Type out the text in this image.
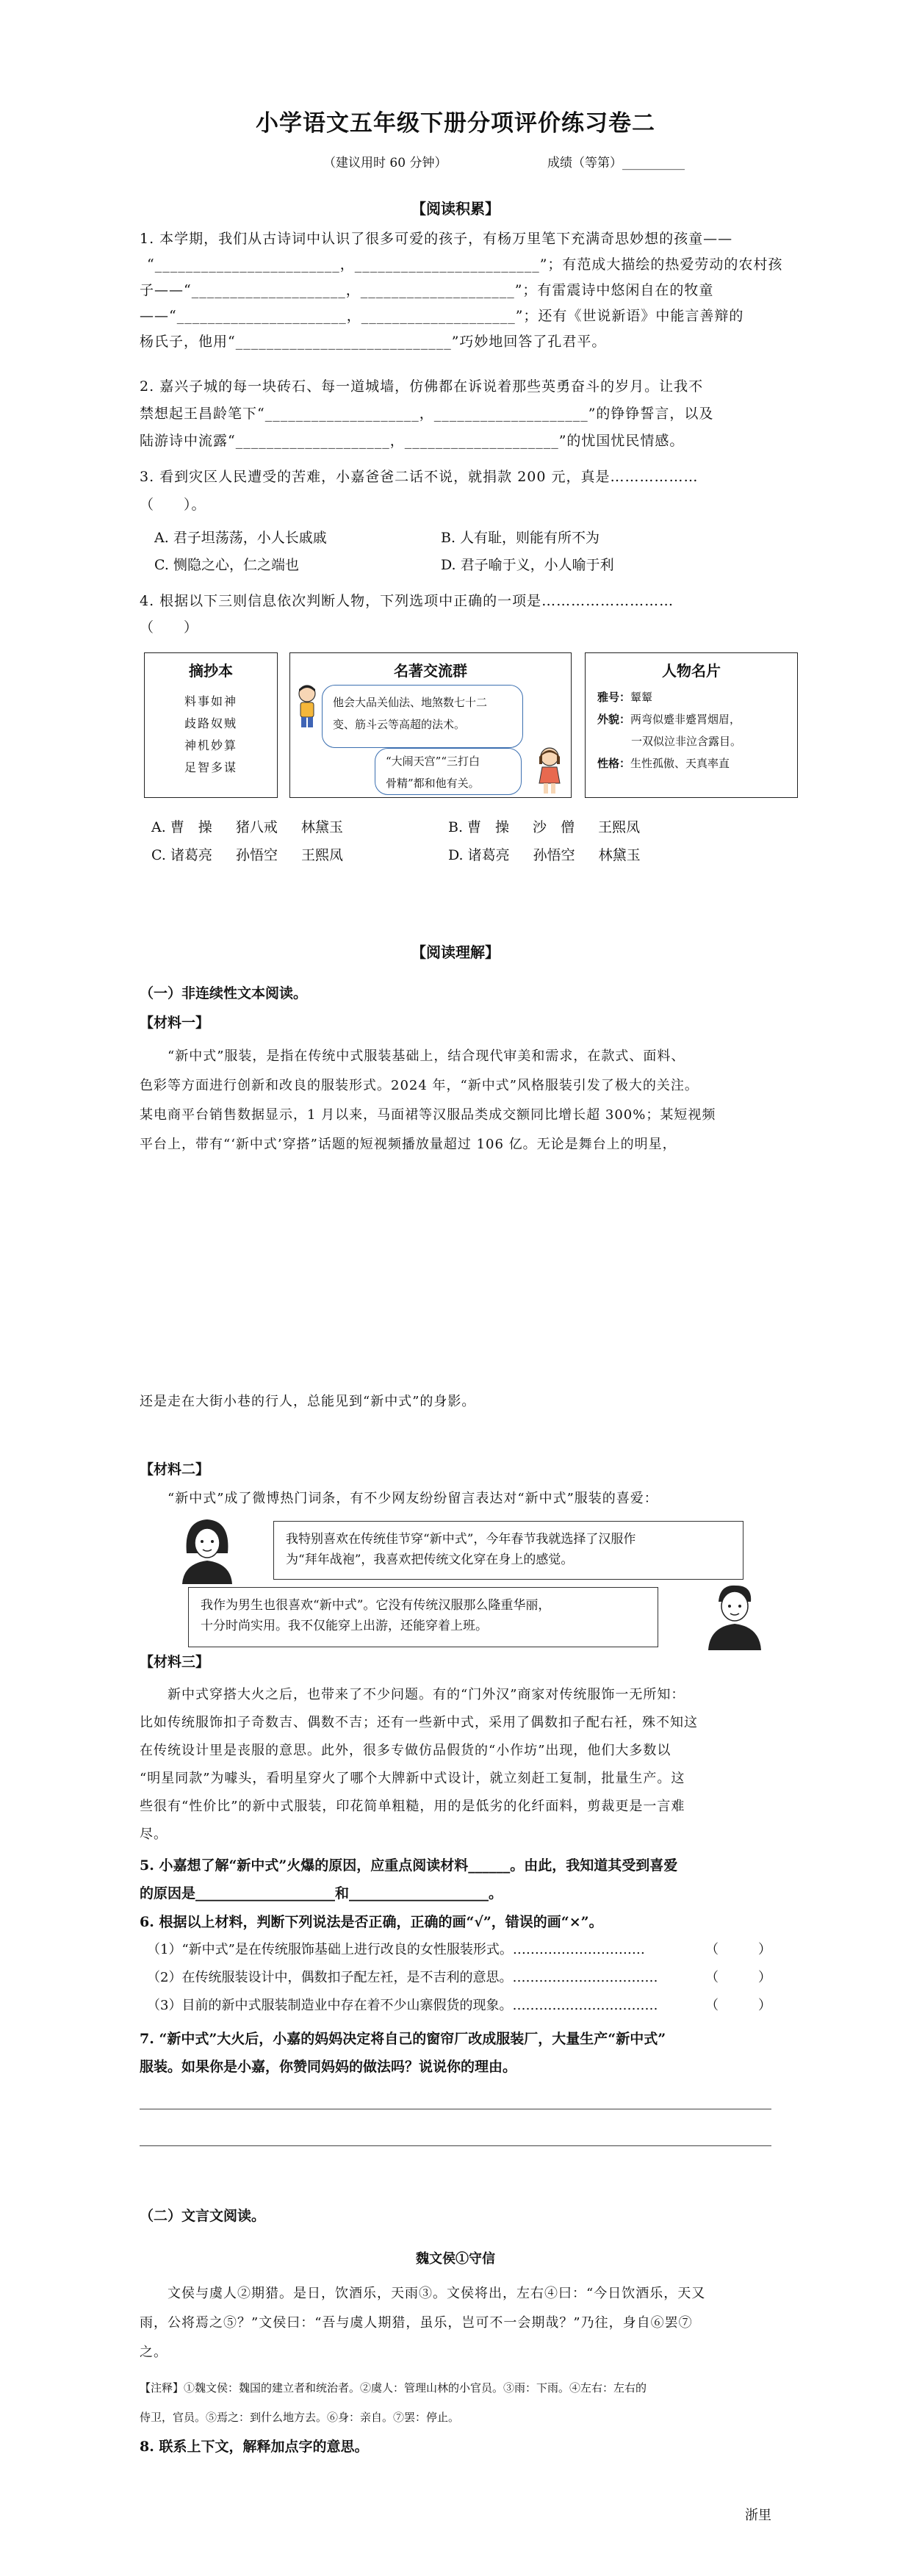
小学语文五年级下册分项评价练习卷二
（建议用时 60 分钟）	成绩（等第）__________
【阅读积累】
1. 本学期，我们从古诗词中认识了很多可爱的孩子，有杨万里笔下充满奇思妙想的孩童——
“________________________，________________________”；有范成大描绘的热爱劳动的农村孩
子——“____________________，____________________”；有雷震诗中悠闲自在的牧童
——“______________________，____________________”；还有《世说新语》中能言善辩的
杨氏子，他用“____________________________”巧妙地回答了孔君平。
2. 嘉兴子城的每一块砖石、每一道城墙，仿佛都在诉说着那些英勇奋斗的岁月。让我不
禁想起王昌龄笔下“____________________，____________________”的铮铮誓言，以及
陆游诗中流露“____________________，____________________”的忧国忧民情感。
3. 看到灾区人民遭受的苦难，小嘉爸爸二话不说，就捐款 200 元，真是………………
（　　）。
A. 君子坦荡荡，小人长戚戚	B. 人有耻，则能有所不为
C. 恻隐之心，仁之端也	D. 君子喻于义，小人喻于利
4. 根据以下三则信息依次判断人物，下列选项中正确的一项是………………………
（　　）
摘抄本
料事如神
歧路奴贼
神机妙算
足智多谋
名著交流群
他会大品关仙法、地煞数七十二
变、筋斗云等高超的法术。
“大闹天宫”“三打白
骨精”都和他有关。
人物名片
雅号：颦颦
外貌：两弯似蹙非蹙罥烟眉，
一双似泣非泣含露目。
性格：生性孤傲、天真率直
A. 曹　操 猪八戒 林黛玉	B. 曹　操 沙　僧 王熙凤
C. 诸葛亮 孙悟空 王熙凤	D. 诸葛亮 孙悟空 林黛玉
【阅读理解】
（一）非连续性文本阅读。
【材料一】
“新中式”服装，是指在传统中式服装基础上，结合现代审美和需求，在款式、面料、
色彩等方面进行创新和改良的服装形式。2024 年，“新中式”风格服装引发了极大的关注。
某电商平台销售数据显示，1 月以来，马面裙等汉服品类成交额同比增长超 300%；某短视频
平台上，带有“‘新中式’穿搭”话题的短视频播放量超过 106 亿。无论是舞台上的明星，
还是走在大街小巷的行人，总能见到“新中式”的身影。
【材料二】
“新中式”成了微博热门词条，有不少网友纷纷留言表达对“新中式”服装的喜爱：
我特别喜欢在传统佳节穿“新中式”，今年春节我就选择了汉服作
为“拜年战袍”，我喜欢把传统文化穿在身上的感觉。
我作为男生也很喜欢“新中式”。它没有传统汉服那么隆重华丽，
十分时尚实用。我不仅能穿上出游，还能穿着上班。
【材料三】
新中式穿搭大火之后，也带来了不少问题。有的“门外汉”商家对传统服饰一无所知：
比如传统服饰扣子奇数吉、偶数不吉；还有一些新中式，采用了偶数扣子配右衽，殊不知这
在传统设计里是丧服的意思。此外，很多专做仿品假货的“小作坊”出现，他们大多数以
“明星同款”为噱头，看明星穿火了哪个大牌新中式设计，就立刻赶工复制，批量生产。这
些很有“性价比”的新中式服装，印花简单粗糙，用的是低劣的化纤面料，剪裁更是一言难
尽。
5. 小嘉想了解“新中式”火爆的原因，应重点阅读材料______。由此，我知道其受到喜爱
的原因是____________________和____________________。
6. 根据以上材料，判断下列说法是否正确，正确的画“√”，错误的画“×”。
（1）“新中式”是在传统服饰基础上进行改良的女性服装形式。…………………………	（　　　）
（2）在传统服装设计中，偶数扣子配左衽，是不吉利的意思。……………………………	（　　　）
（3）目前的新中式服装制造业中存在着不少山寨假货的现象。……………………………	（　　　）
7. “新中式”大火后，小嘉的妈妈决定将自己的窗帘厂改成服装厂，大量生产“新中式”
服装。如果你是小嘉，你赞同妈妈的做法吗？说说你的理由。
（二）文言文阅读。
魏文侯①守信
文侯与虞人②期猎。是日，饮酒乐，天雨③。文侯将出，左右④曰：“今日饮酒乐，天又
雨，公将焉之⑤？”文侯曰：“吾与虞人期猎，虽乐，岂可不一会期哉？”乃往，身自⑥罢⑦
之。
【注释】①魏文侯：魏国的建立者和统治者。②虞人：管理山林的小官员。③雨：下雨。④左右：左右的
侍卫，官员。⑤焉之：到什么地方去。⑥身：亲自。⑦罢：停止。
8. 联系上下文，解释加点字的意思。
浙里
